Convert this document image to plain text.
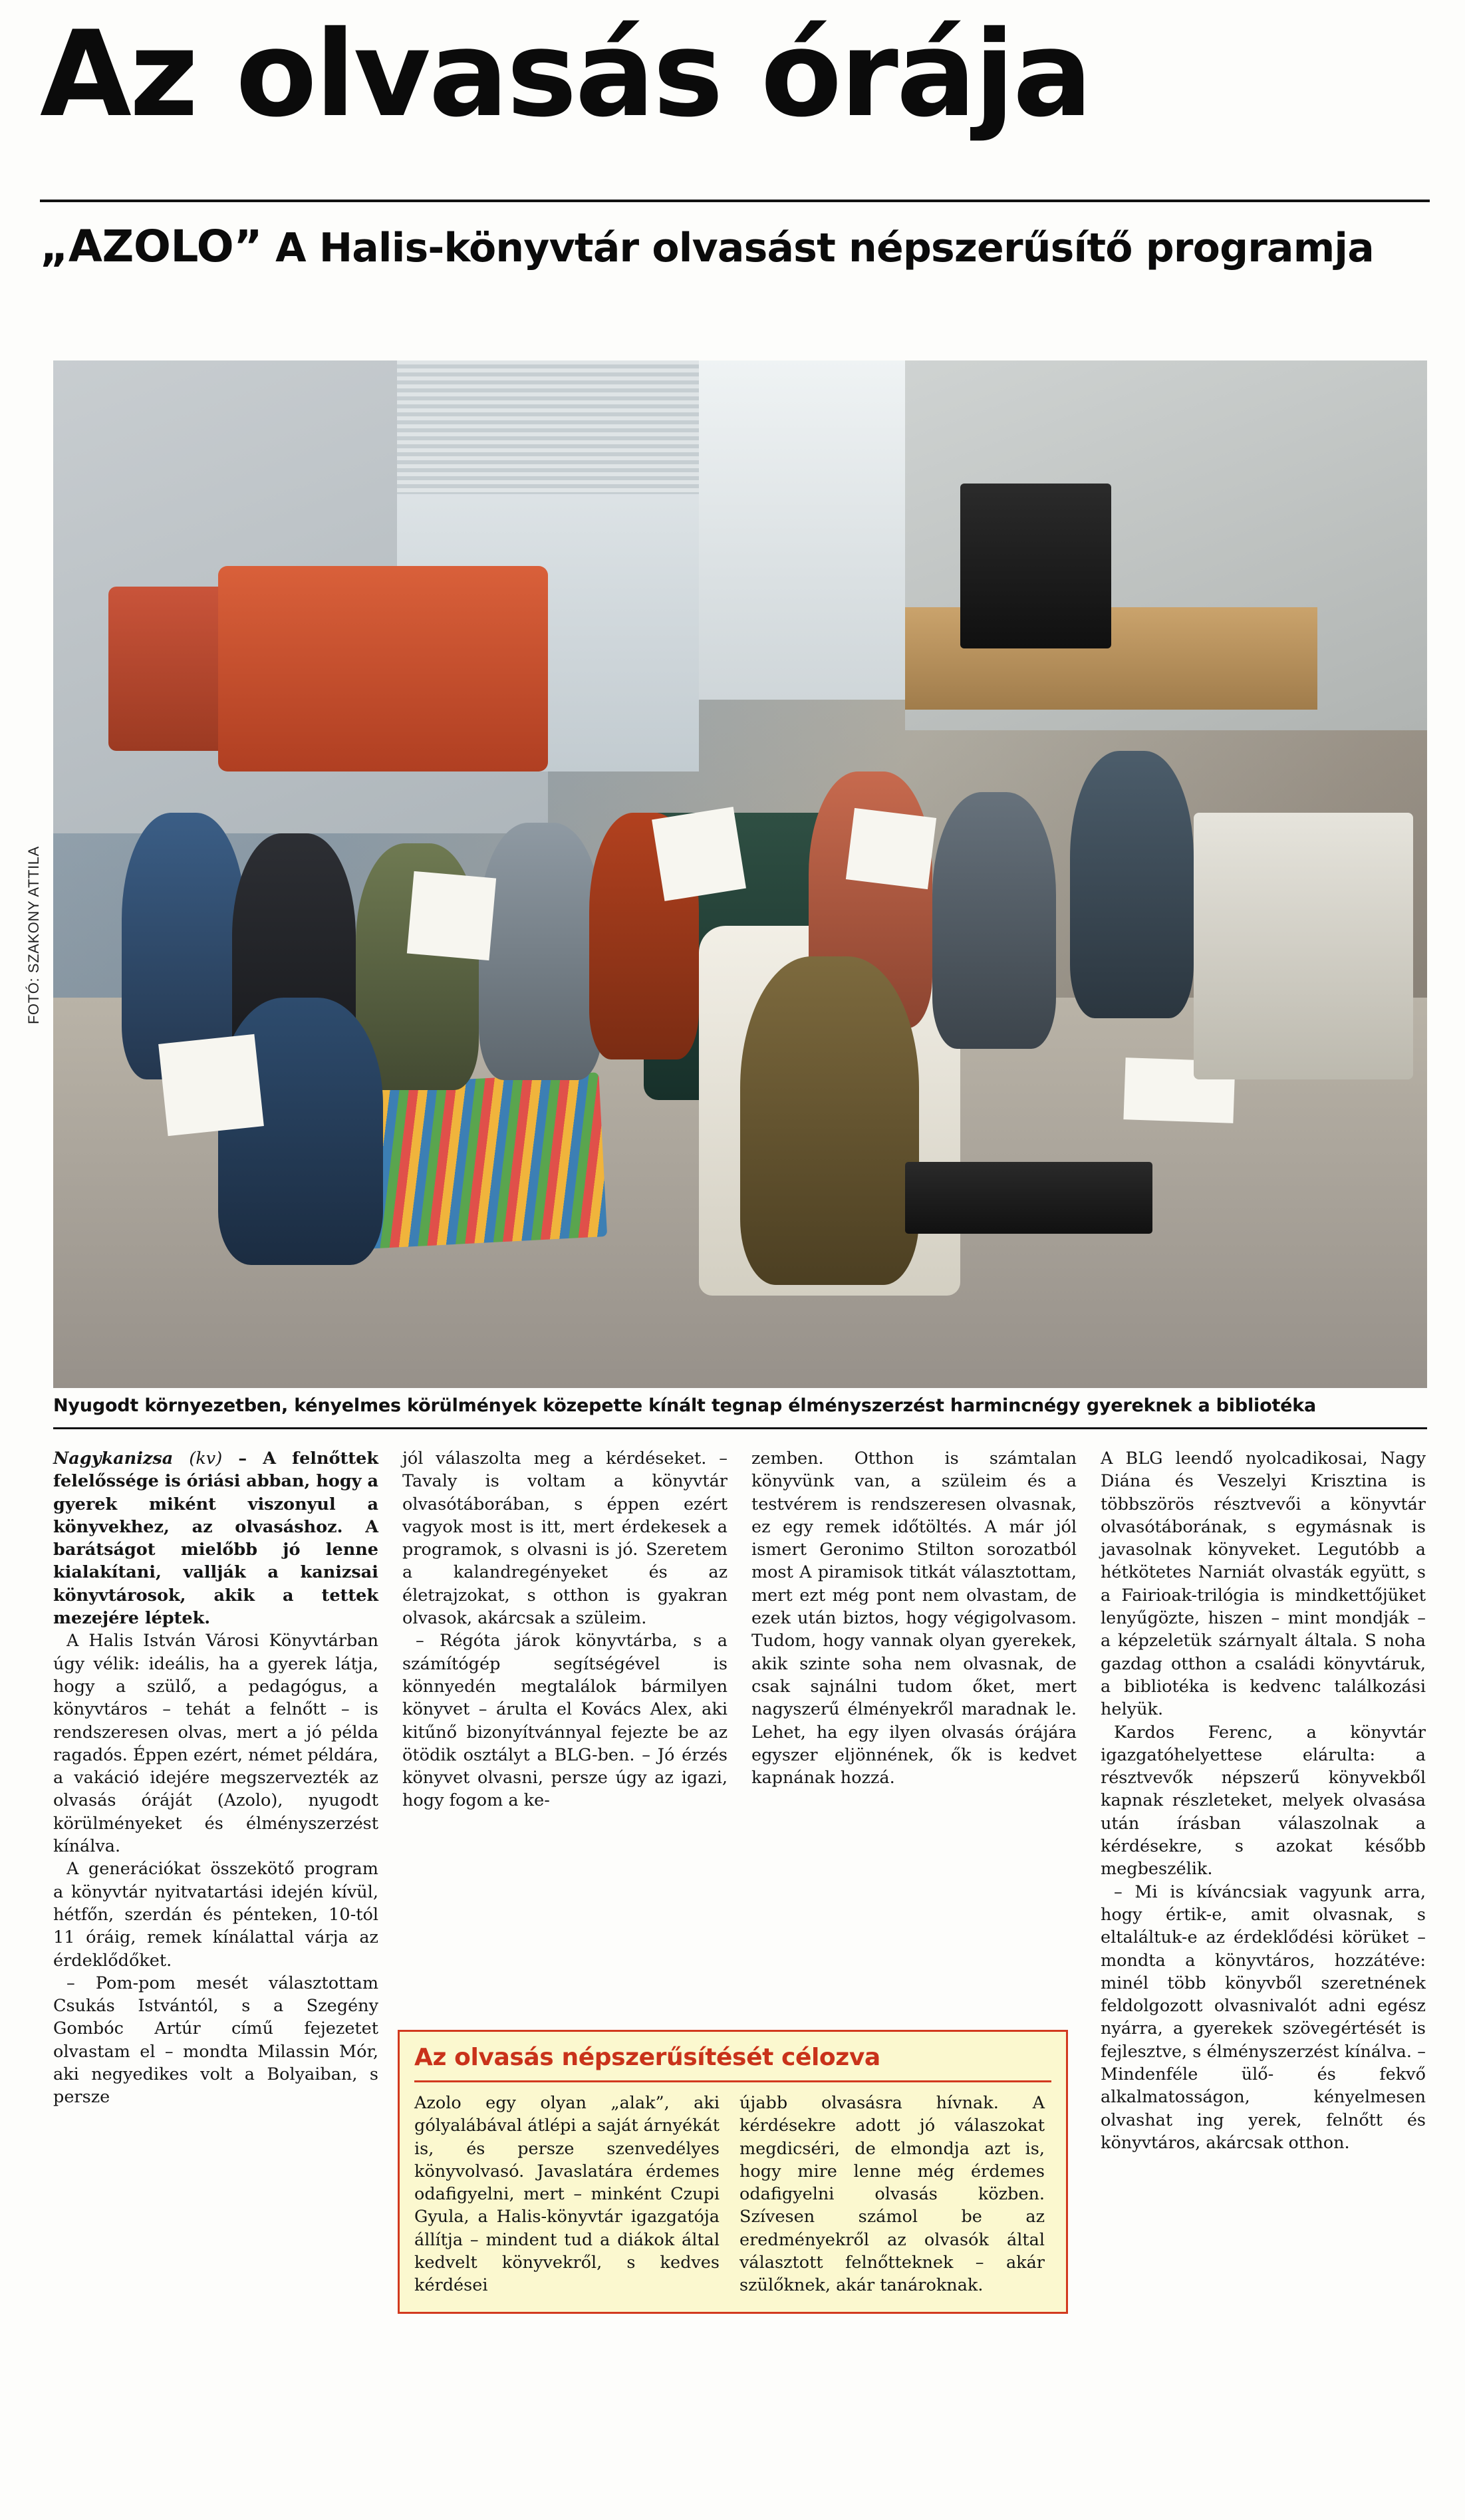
Az olvasás órája
„AZOLO” A Halis-könyvtár olvasást népszerűsítő programja
FOTÓ: SZAKONY ATTILA
Nyugodt környezetben, kényelmes körülmények közepette kínált tegnap élményszerzést harmincnégy gyereknek a bibliotéka

Nagykanizsa (kv) – A felnőttek felelőssége is óriási abban, hogy a gyerek miként viszonyul a könyvekhez, az olvasáshoz. A barátságot mielőbb jó lenne kialakítani, vallják a kanizsai könyvtárosok, akik a tettek mezejére léptek.

A Halis István Városi Könyvtárban úgy vélik: ideális, ha a gyerek látja, hogy a szülő, a pedagógus, a könyvtáros – tehát a felnőtt – is rendszeresen olvas, mert a jó példa ragadós. Éppen ezért, német példára, a vakáció idejére megszervezték az olvasás óráját (Azolo), nyugodt körülményeket és élményszerzést kínálva.

A generációkat összekötő program a könyvtár nyitvatartási idején kívül, hétfőn, szerdán és pénteken, 10-tól 11 óráig, remek kínálattal várja az érdeklődőket.

– Pom-pom mesét választottam Csukás Istvántól, s a Szegény Gombóc Artúr című fejezetet olvastam el – mondta Milassin Mór, aki negyedikes volt a Bolyaiban, s persze

jól válaszolta meg a kérdéseket. – Tavaly is voltam a könyvtár olvasótáborában, s éppen ezért vagyok most is itt, mert érdekesek a programok, s olvasni is jó. Szeretem a kalandregényeket és az életrajzokat, s otthon is gyakran olvasok, akárcsak a szüleim.

– Régóta járok könyvtárba, s a számítógép segítségével is könnyedén megtalálok bármilyen könyvet – árulta el Kovács Alex, aki kitűnő bizonyítvánnyal fejezte be az ötödik osztályt a BLG-ben. – Jó érzés könyvet olvasni, persze úgy az igazi, hogy fogom a ke-

zemben. Otthon is számtalan könyvünk van, a szüleim és a testvérem is rendszeresen olvasnak, ez egy remek időtöltés. A már jól ismert Geronimo Stilton sorozatból most A piramisok titkát választottam, mert ezt még pont nem olvastam, de ezek után biztos, hogy végigolvasom. Tudom, hogy vannak olyan gyerekek, akik szinte soha nem olvasnak, de csak sajnálni tudom őket, mert nagyszerű élményekről maradnak le. Lehet, ha egy ilyen olvasás órájára egyszer eljönnének, ők is kedvet kapnának hozzá.

A BLG leendő nyolcadikosai, Nagy Diána és Veszelyi Krisztina is többszörös résztvevői a könyvtár olvasótáborának, s egymásnak is javasolnak könyveket. Legutóbb a hétkötetes Narniát olvasták együtt, s a Fairioak-trilógia is mindkettőjüket lenyűgözte, hiszen – mint mondják – a képzeletük szárnyalt általa. S noha gazdag otthon a családi könyvtáruk, a bibliotéka is kedvenc találkozási helyük.

Kardos Ferenc, a könyvtár igazgatóhelyettese elárulta: a résztvevők népszerű könyvekből kapnak részleteket, melyek olvasása után írásban válaszolnak a kérdésekre, s azokat később megbeszélik.

– Mi is kíváncsiak vagyunk arra, hogy értik-e, amit olvasnak, s eltaláltuk-e az érdeklődési körüket – mondta a könyvtáros, hozzátéve: minél több könyvből szeretnének feldolgozott olvasnivalót adni egész nyárra, a gyerekek szövegértését is fejlesztve, s élményszerzést kínálva. – Mindenféle ülő- és fekvő alkalmatosságon, kényelmesen olvashat ing yerek, felnőtt és könyvtáros, akárcsak otthon.

Az olvasás népszerűsítését célozva

Azolo egy olyan „alak”, aki gólyalábával átlépi a saját árnyékát is, és persze szenvedélyes könyvolvasó. Javaslatára érdemes odafigyelni, mert – minként Czupi Gyula, a Halis-könyvtár igazgatója állítja – mindent tud a diákok által kedvelt könyvekről, s kedves kérdései

újabb olvasásra hívnak. A kérdésekre adott jó válaszokat megdicséri, de elmondja azt is, hogy mire lenne még érdemes odafigyelni olvasás közben. Szívesen számol be az eredményekről az olvasók által választott felnőtteknek – akár szülőknek, akár tanároknak.
